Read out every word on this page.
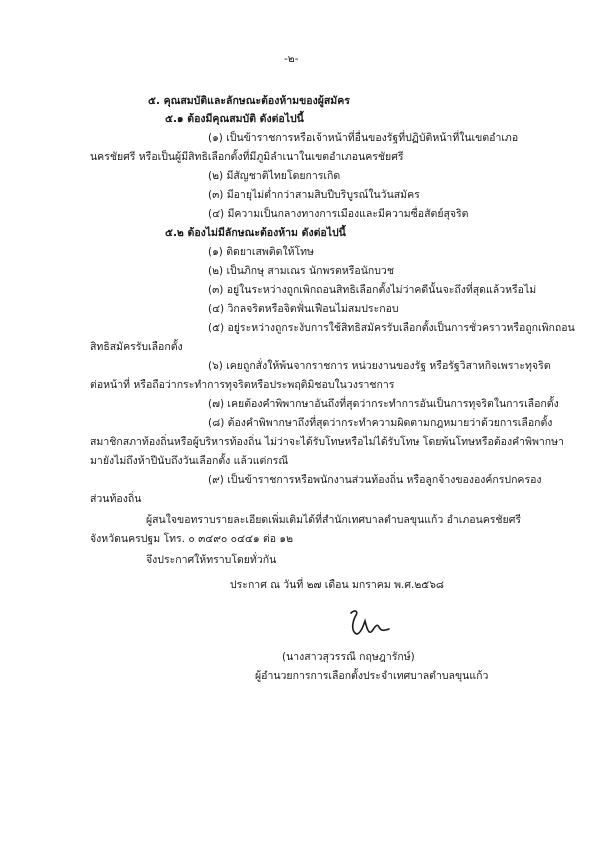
-๒-
๕. คุณสมบัติและลักษณะต้องห้ามของผู้สมัคร
๕.๑ ต้องมีคุณสมบัติ ดังต่อไปนี้
(๑) เป็นข้าราชการหรือเจ้าหน้าที่อื่นของรัฐที่ปฏิบัติหน้าที่ในเขตอำเภอ
นครชัยศรี หรือเป็นผู้มีสิทธิเลือกตั้งที่มีภูมิลำเนาในเขตอำเภอนครชัยศรี
(๒) มีสัญชาติไทยโดยการเกิด
(๓) มีอายุไม่ต่ำกว่าสามสิบปีบริบูรณ์ในวันสมัคร
(๔) มีความเป็นกลางทางการเมืองและมีความซื่อสัตย์สุจริต
๕.๒ ต้องไม่มีลักษณะต้องห้าม ดังต่อไปนี้
(๑) ติดยาเสพติดให้โทษ
(๒) เป็นภิกษุ สามเณร นักพรตหรือนักบวช
(๓) อยู่ในระหว่างถูกเพิกถอนสิทธิเลือกตั้งไม่ว่าคดีนั้นจะถึงที่สุดแล้วหรือไม่
(๔) วิกลจริตหรือจิตฟั่นเฟือนไม่สมประกอบ
(๕) อยู่ระหว่างถูกระงับการใช้สิทธิสมัครรับเลือกตั้งเป็นการชั่วคราวหรือถูกเพิกถอน
สิทธิสมัครรับเลือกตั้ง
(๖) เคยถูกสั่งให้พ้นจากราชการ หน่วยงานของรัฐ หรือรัฐวิสาหกิจเพราะทุจริต
ต่อหน้าที่ หรือถือว่ากระทำการทุจริตหรือประพฤติมิชอบในวงราชการ
(๗) เคยต้องคำพิพากษาอันถึงที่สุดว่ากระทำการอันเป็นการทุจริตในการเลือกตั้ง
(๘) ต้องคำพิพากษาถึงที่สุดว่ากระทำความผิดตามกฎหมายว่าด้วยการเลือกตั้ง
สมาชิกสภาท้องถิ่นหรือผู้บริหารท้องถิ่น ไม่ว่าจะได้รับโทษหรือไม่ได้รับโทษ โดยพ้นโทษหรือต้องคำพิพากษา
มายังไม่ถึงห้าปีนับถึงวันเลือกตั้ง แล้วแต่กรณี
(๙) เป็นข้าราชการหรือพนักงานส่วนท้องถิ่น หรือลูกจ้างขององค์กรปกครอง
ส่วนท้องถิ่น
ผู้สนใจขอทราบรายละเอียดเพิ่มเติมได้ที่สำนักเทศบาลตำบลขุนแก้ว อำเภอนครชัยศรี
จังหวัดนครปฐม โทร. ๐ ๓๔๙๐ ๐๔๔๑ ต่อ ๑๒
จึงประกาศให้ทราบโดยทั่วกัน
ประกาศ ณ วันที่ ๒๗ เดือน มกราคม พ.ศ.๒๕๖๘
(นางสาวสุวรรณี กฤษฎารักษ์)
ผู้อำนวยการการเลือกตั้งประจำเทศบาลตำบลขุนแก้ว
